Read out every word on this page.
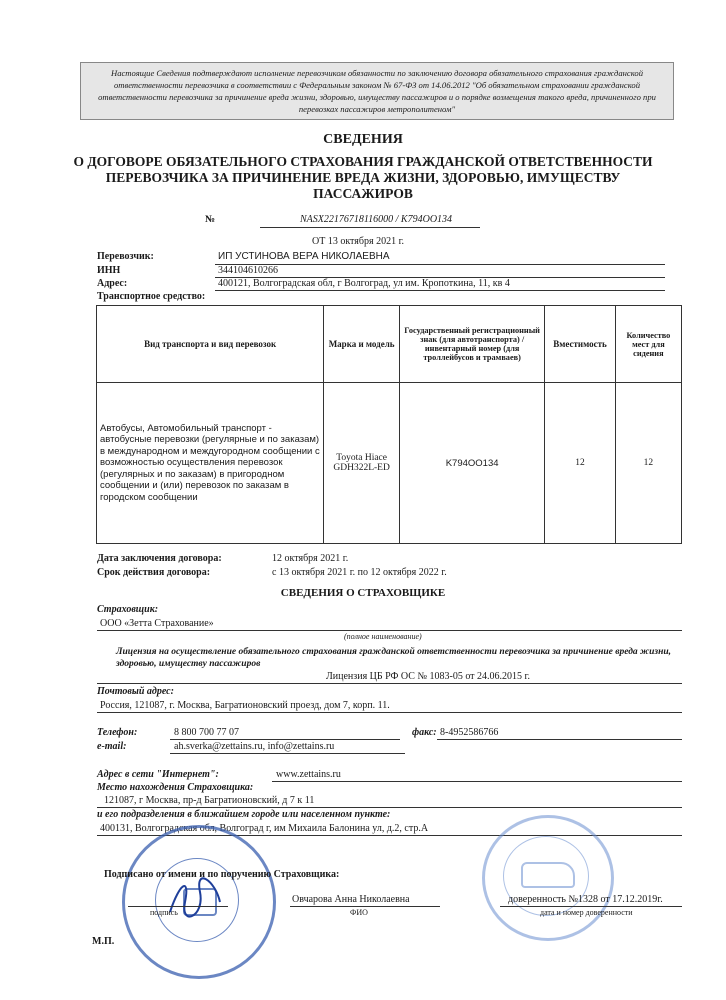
Настоящие Сведения подтверждают исполнение перевозчиком обязанности по заключению договора обязательного страхования гражданской ответственности перевозчика в соответствии с Федеральным законом № 67-ФЗ от 14.06.2012 "Об обязательном страховании гражданской ответственности перевозчика за причинение вреда жизни, здоровью, имуществу пассажиров и о порядке возмещения такого вреда, причиненного при перевозках пассажиров метрополитеном"
СВЕДЕНИЯ
О ДОГОВОРЕ ОБЯЗАТЕЛЬНОГО СТРАХОВАНИЯ ГРАЖДАНСКОЙ ОТВЕТСТВЕННОСТИ ПЕРЕВОЗЧИКА ЗА ПРИЧИНЕНИЕ ВРЕДА ЖИЗНИ, ЗДОРОВЬЮ, ИМУЩЕСТВУ ПАССАЖИРОВ
№	NASX22176718116000 / K794OO134
ОТ 13 октября 2021 г.
Перевозчик:	ИП УСТИНОВА ВЕРА НИКОЛАЕВНА
ИНН	344104610266
Адрес:	400121, Волгоградская обл, г Волгоград, ул им. Кропоткина, 11, кв 4
Транспортное средство:
Вид транспорта и вид перевозок	Марка и модель	Государственный регистрационный знак (для автотранспорта) /инвентарный номер (для троллейбусов и трамваев)	Вместимость	Количество мест для сидения
Автобусы, Автомобильный транспорт - автобусные перевозки (регулярные и по заказам) в международном и междугородном сообщении с возможностью осуществления перевозок (регулярных и по заказам) в пригородном сообщении и (или) перевозок по заказам в городском сообщении	Toyota Hiace GDH322L-ED	K794OO134	12	12
Дата заключения договора:	12 октября 2021 г.
Срок действия договора:	с 13 октября 2021 г. по 12 октября 2022 г.
СВЕДЕНИЯ О СТРАХОВЩИКЕ
Страховщик:
ООО «Зетта Страхование»
(полное наименование)
Лицензия на осуществление обязательного страхования гражданской ответственности перевозчика за причинение вреда жизни, здоровью, имуществу пассажиров
Лицензия ЦБ РФ ОС № 1083-05 от 24.06.2015 г.
Почтовый адрес:
Россия, 121087, г. Москва, Багратионовский проезд, дом 7, корп. 11.
Телефон:	8 800 700 77 07	факс: 8-4952586766
e-mail:	ah.sverka@zettains.ru, info@zettains.ru
Адрес в сети "Интернет":	www.zettains.ru
Место нахождения Страховщика:
121087, г Москва, пр-д Багратионовский, д 7 к 11
и его подразделения в ближайшем городе или населенном пункте:
400131, Волгоградская обл, Волгоград г, им Михаила Балонина ул, д.2, стр.А
Подписано от имени и по поручению Страховщика:
Овчарова Анна Николаевна	доверенность №1328 от 17.12.2019г.
подпись	ФИО	дата и номер доверенности
М.П.
